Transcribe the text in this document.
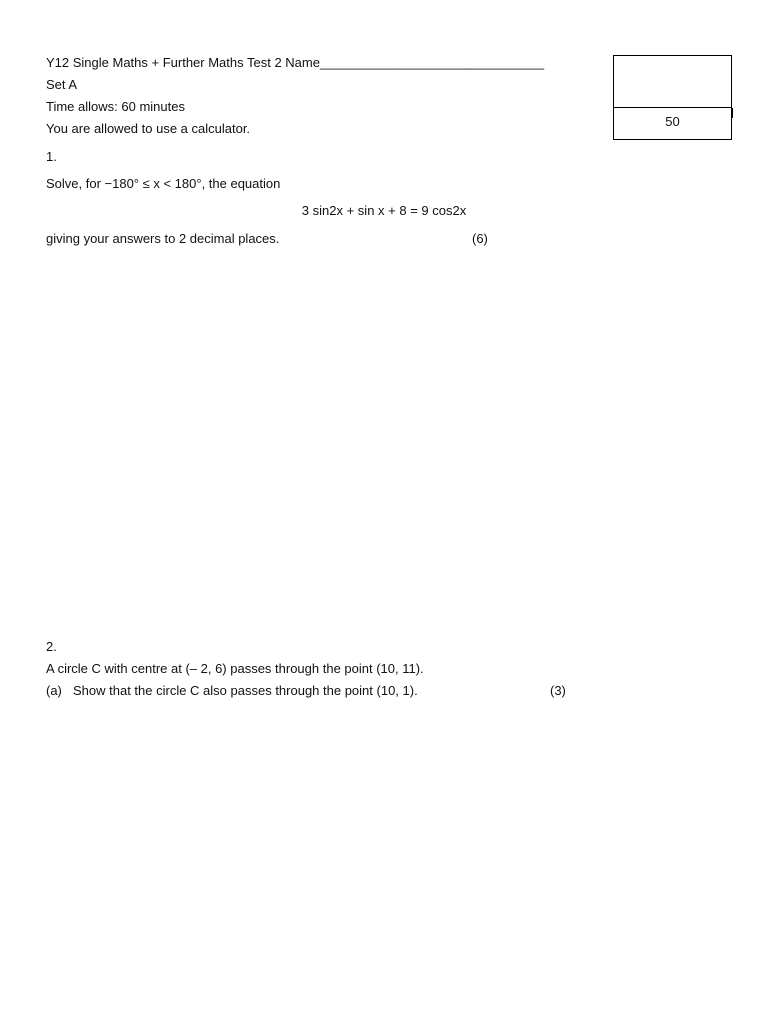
Y12 Single Maths + Further Maths Test 2 Name_______________________________
Set A
Time allows: 60 minutes
You are allowed to use a calculator.	50
1.
Solve, for −180° ≤ x < 180°, the equation
3 sin2x + sin x + 8 = 9 cos2x
giving your answers to 2 decimal places.	(6)
2.
A circle C with centre at (– 2, 6) passes through the point (10, 11).
(a) Show that the circle C also passes through the point (10, 1).	(3)
